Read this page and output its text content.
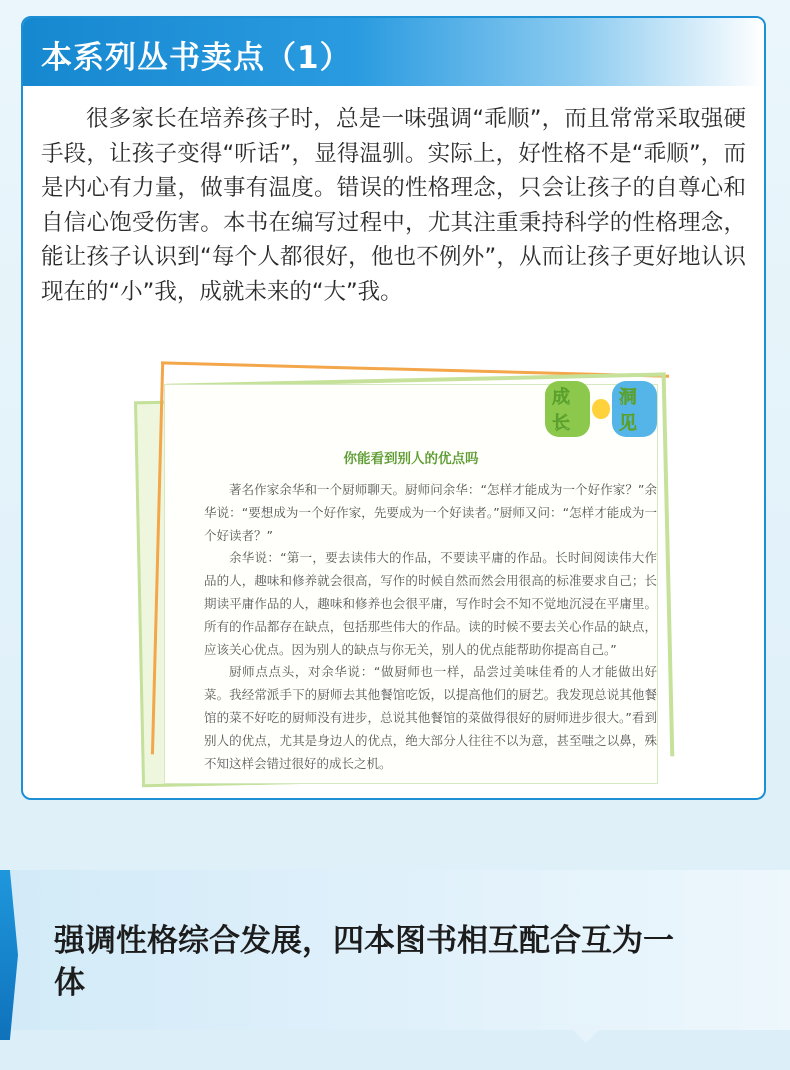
本系列丛书卖点（1）
很多家长在培养孩子时，总是一味强调“乖顺”，而且常常采取强硬手段，让孩子变得“听话”，显得温驯。实际上，好性格不是“乖顺”，而是内心有力量，做事有温度。错误的性格理念，只会让孩子的自尊心和自信心饱受伤害。本书在编写过程中，尤其注重秉持科学的性格理念，能让孩子认识到“每个人都很好，他也不例外”，从而让孩子更好地认识现在的“小”我，成就未来的“大”我。
成长
洞见
你能看到别人的优点吗

著名作家余华和一个厨师聊天。厨师问余华：“怎样才能成为一个好作家？”余华说：“要想成为一个好作家，先要成为一个好读者。”厨师又问：“怎样才能成为一个好读者？”

余华说：“第一，要去读伟大的作品，不要读平庸的作品。长时间阅读伟大作品的人，趣味和修养就会很高，写作的时候自然而然会用很高的标准要求自己；长期读平庸作品的人，趣味和修养也会很平庸，写作时会不知不觉地沉浸在平庸里。所有的作品都存在缺点，包括那些伟大的作品。读的时候不要去关心作品的缺点，应该关心优点。因为别人的缺点与你无关，别人的优点能帮助你提高自己。”

厨师点点头，对余华说：“做厨师也一样，品尝过美味佳肴的人才能做出好菜。我经常派手下的厨师去其他餐馆吃饭，以提高他们的厨艺。我发现总说其他餐馆的菜不好吃的厨师没有进步，总说其他餐馆的菜做得很好的厨师进步很大。”看到别人的优点，尤其是身边人的优点，绝大部分人往往不以为意，甚至嗤之以鼻，殊不知这样会错过很好的成长之机。

强调性格综合发展，四本图书相互配合互为一体
